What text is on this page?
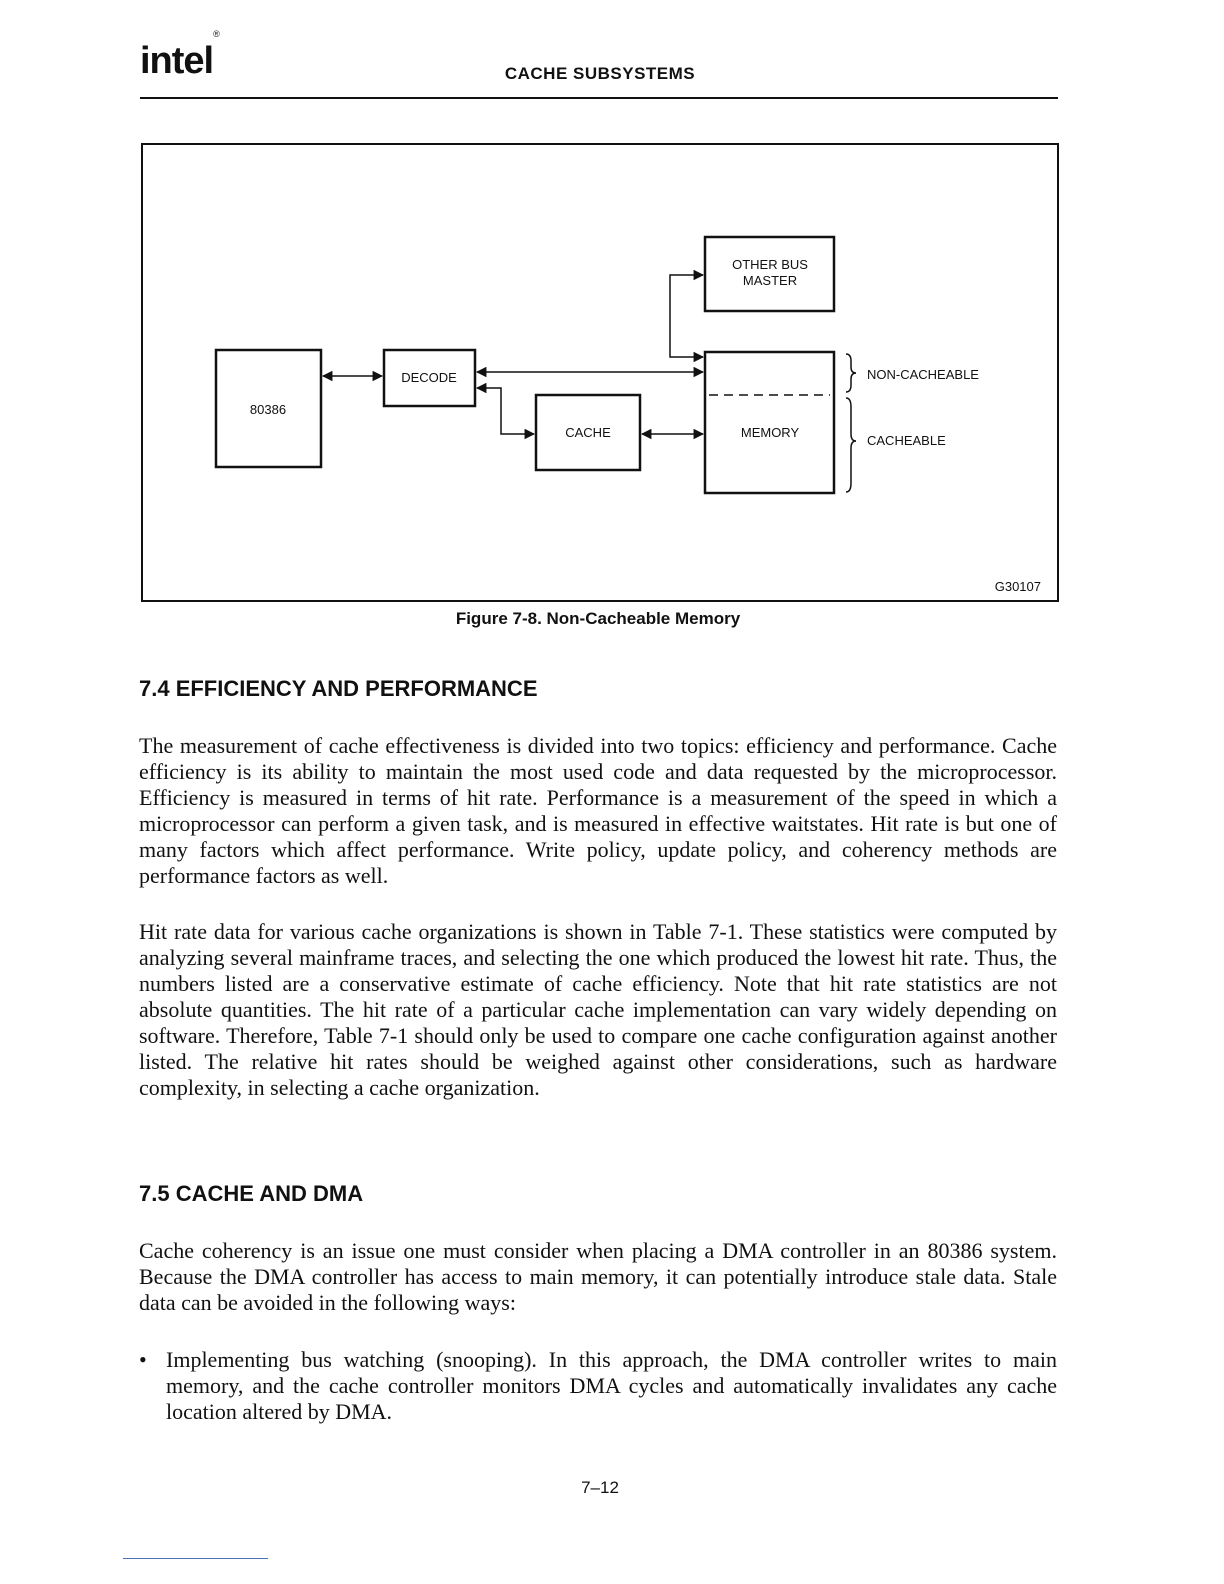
intel®
CACHE SUBSYSTEMS
80386
DECODE
CACHE
OTHER BUS
MASTER
MEMORY
NON-CACHEABLE
CACHEABLE
G30107
Figure 7-8. Non-Cacheable Memory
7.4 EFFICIENCY AND PERFORMANCE
The measurement of cache effectiveness is divided into two topics: efficiency and performance. Cache efficiency is its ability to maintain the most used code and data requested by the microprocessor. Efficiency is measured in terms of hit rate. Performance is a measurement of the speed in which a microprocessor can perform a given task, and is measured in effective waitstates. Hit rate is but one of many factors which affect performance. Write policy, update policy, and coherency methods are performance factors as well.
Hit rate data for various cache organizations is shown in Table 7-1. These statistics were computed by analyzing several mainframe traces, and selecting the one which produced the lowest hit rate. Thus, the numbers listed are a conservative estimate of cache efficiency. Note that hit rate statistics are not absolute quantities. The hit rate of a particular cache implementation can vary widely depending on software. Therefore, Table 7-1 should only be used to compare one cache configuration against another listed. The relative hit rates should be weighed against other considerations, such as hardware complexity, in selecting a cache organization.
7.5 CACHE AND DMA
Cache coherency is an issue one must consider when placing a DMA controller in an 80386 system. Because the DMA controller has access to main memory, it can potentially introduce stale data. Stale data can be avoided in the following ways:
• Implementing bus watching (snooping). In this approach, the DMA controller writes to main memory, and the cache controller monitors DMA cycles and automatically invalidates any cache location altered by DMA.
7–12
